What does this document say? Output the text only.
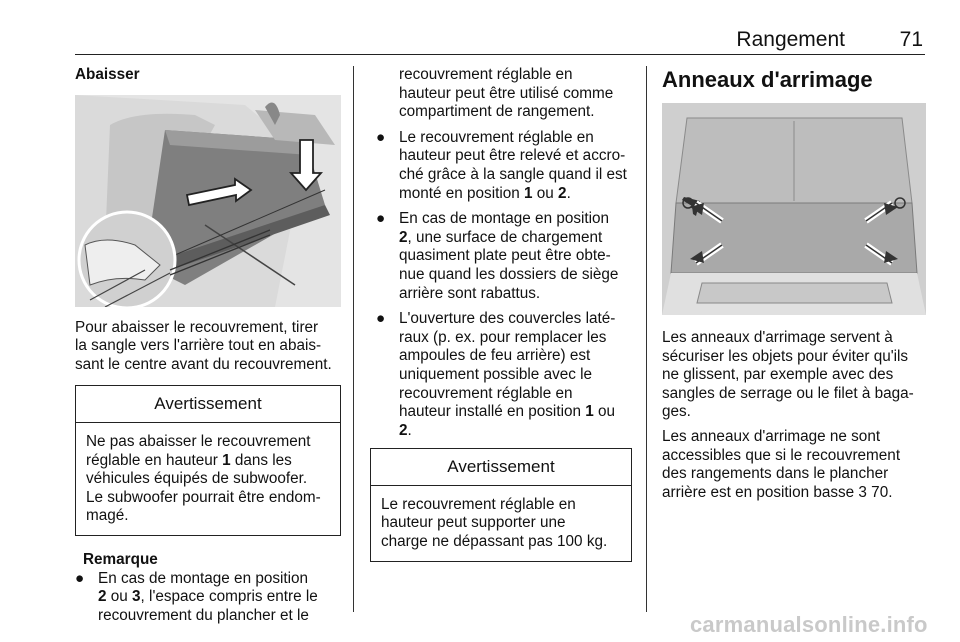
Rangement	71
Abaisser

Pour abaisser le recouvrement, tirer
la sangle vers l'arrière tout en abais-
sant le centre avant du recouvrement.

Avertissement
Ne pas abaisser le recouvrement
réglable en hauteur 1 dans les
véhicules équipés de subwoofer.
Le subwoofer pourrait être endom-
magé.
Remarque
● En cas de montage en position
2 ou 3, l'espace compris entre le
recouvrement du plancher et le

recouvrement réglable en
hauteur peut être utilisé comme
compartiment de rangement.

● Le recouvrement réglable en
hauteur peut être relevé et accro-
ché grâce à la sangle quand il est
monté en position 1 ou 2.
● En cas de montage en position
2, une surface de chargement
quasiment plate peut être obte-
nue quand les dossiers de siège
arrière sont rabattus.
● L'ouverture des couvercles laté-
raux (p. ex. pour remplacer les
ampoules de feu arrière) est
uniquement possible avec le
recouvrement réglable en
hauteur installé en position 1 ou
2.
Avertissement
Le recouvrement réglable en
hauteur peut supporter une
charge ne dépassant pas 100 kg.
Anneaux d'arrimage

Les anneaux d'arrimage servent à
sécuriser les objets pour éviter qu'ils
ne glissent, par exemple avec des
sangles de serrage ou le filet à baga-
ges.

Les anneaux d'arrimage ne sont
accessibles que si le recouvrement
des rangements dans le plancher
arrière est en position basse 3 70.

carmanualsonline.info
